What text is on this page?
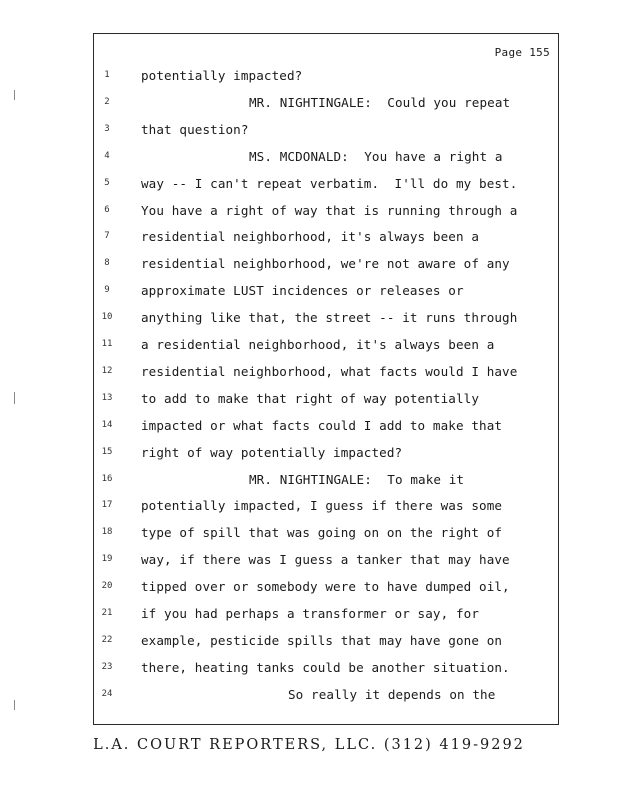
Page 155
1	potentially impacted?
2	MR. NIGHTINGALE:  Could you repeat
3	that question?
4	MS. MCDONALD:  You have a right a
5	way -- I can't repeat verbatim.  I'll do my best.
6	You have a right of way that is running through a
7	residential neighborhood, it's always been a
8	residential neighborhood, we're not aware of any
9	approximate LUST incidences or releases or
10	anything like that, the street -- it runs through
11	a residential neighborhood, it's always been a
12	residential neighborhood, what facts would I have
13	to add to make that right of way potentially
14	impacted or what facts could I add to make that
15	right of way potentially impacted?
16	MR. NIGHTINGALE:  To make it
17	potentially impacted, I guess if there was some
18	type of spill that was going on on the right of
19	way, if there was I guess a tanker that may have
20	tipped over or somebody were to have dumped oil,
21	if you had perhaps a transformer or say, for
22	example, pesticide spills that may have gone on
23	there, heating tanks could be another situation.
24	So really it depends on the
L.A. COURT REPORTERS, LLC. (312) 419-9292
